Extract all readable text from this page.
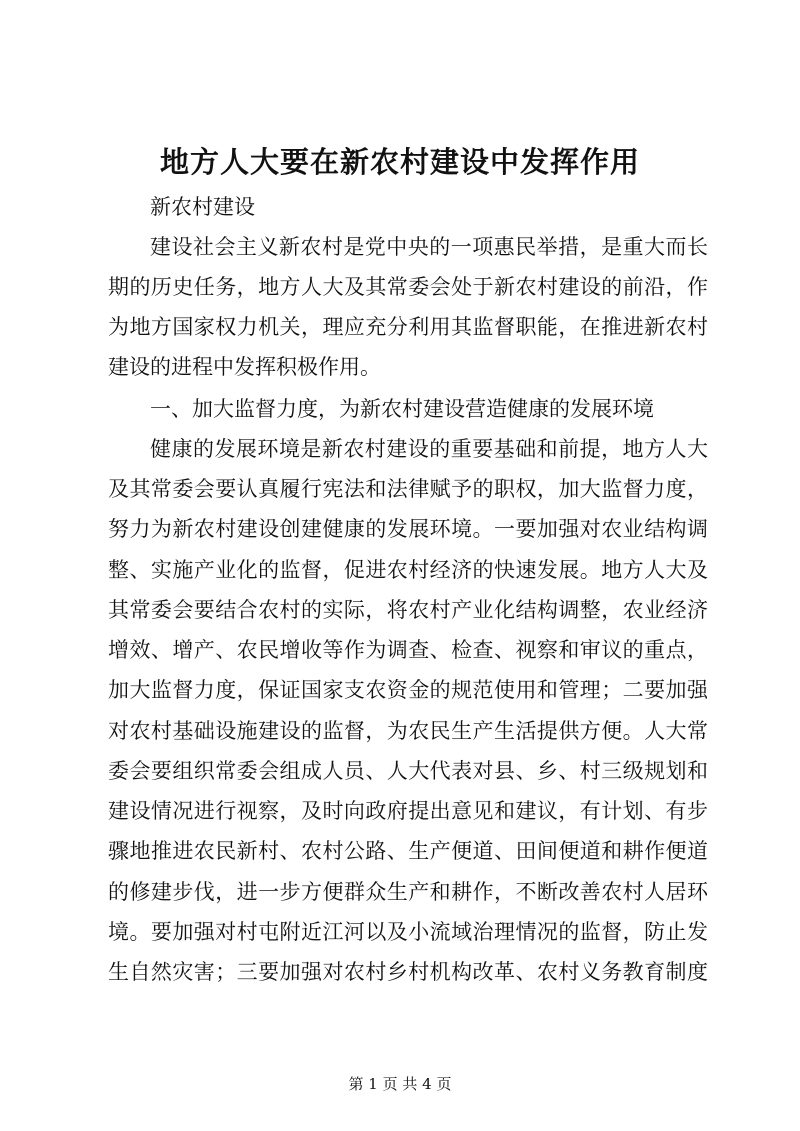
地方人大要在新农村建设中发挥作用

新农村建设

建设社会主义新农村是党中央的一项惠民举措，是重大而长

期的历史任务，地方人大及其常委会处于新农村建设的前沿，作

为地方国家权力机关，理应充分利用其监督职能，在推进新农村

建设的进程中发挥积极作用。

一、加大监督力度，为新农村建设营造健康的发展环境

健康的发展环境是新农村建设的重要基础和前提，地方人大

及其常委会要认真履行宪法和法律赋予的职权，加大监督力度，

努力为新农村建设创建健康的发展环境。一要加强对农业结构调

整、实施产业化的监督，促进农村经济的快速发展。地方人大及

其常委会要结合农村的实际，将农村产业化结构调整，农业经济

增效、增产、农民增收等作为调查、检查、视察和审议的重点，

加大监督力度，保证国家支农资金的规范使用和管理；二要加强

对农村基础设施建设的监督，为农民生产生活提供方便。人大常

委会要组织常委会组成人员、人大代表对县、乡、村三级规划和

建设情况进行视察，及时向政府提出意见和建议，有计划、有步

骤地推进农民新村、农村公路、生产便道、田间便道和耕作便道

的修建步伐，进一步方便群众生产和耕作，不断改善农村人居环

境。要加强对村屯附近江河以及小流域治理情况的监督，防止发

生自然灾害；三要加强对农村乡村机构改革、农村义务教育制度

第 1 页 共 4 页
